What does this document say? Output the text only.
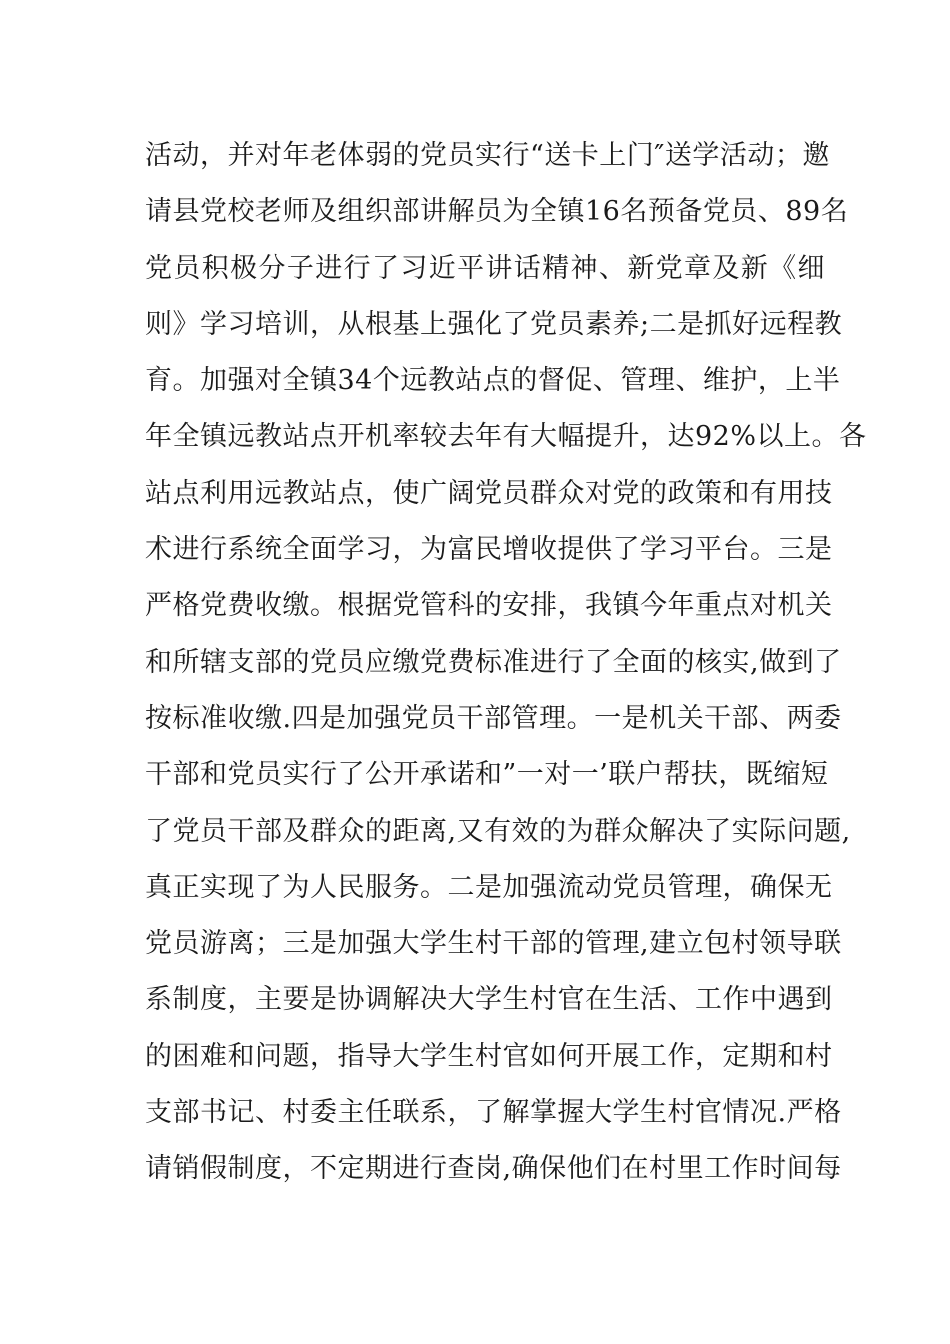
活动，并对年老体弱的党员实行“送卡上门″送学活动；邀
请县党校老师及组织部讲解员为全镇16名预备党员、89名
党员积极分子进行了习近平讲话精神、新党章及新《细
则》学习培训，从根基上强化了党员素养;二是抓好远程教
育。加强对全镇34个远教站点的督促、管理、维护，上半
年全镇远教站点开机率较去年有大幅提升，达92%以上。各
站点利用远教站点，使广阔党员群众对党的政策和有用技
术进行系统全面学习，为富民增收提供了学习平台。三是
严格党费收缴。根据党管科的安排，我镇今年重点对机关
和所辖支部的党员应缴党费标准进行了全面的核实,做到了
按标准收缴.四是加强党员干部管理。一是机关干部、两委
干部和党员实行了公开承诺和”一对一’联户帮扶，既缩短
了党员干部及群众的距离,又有效的为群众解决了实际问题,
真正实现了为人民服务。二是加强流动党员管理，确保无
党员游离；三是加强大学生村干部的管理,建立包村领导联
系制度，主要是协调解决大学生村官在生活、工作中遇到
的困难和问题，指导大学生村官如何开展工作，定期和村
支部书记、村委主任联系，了解掌握大学生村官情况.严格
请销假制度，不定期进行查岗,确保他们在村里工作时间每
